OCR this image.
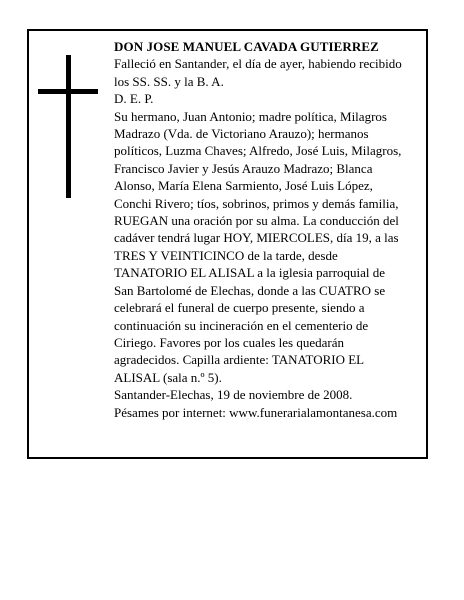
DON JOSE MANUEL CAVADA GUTIERREZ

Falleció en Santander, el día de ayer, habiendo recibido
los SS. SS. y la B. A.
D. E. P.
Su hermano, Juan Antonio; madre política, Milagros
Madrazo (Vda. de Victoriano Arauzo); hermanos
políticos, Luzma Chaves; Alfredo, José Luis, Milagros,
Francisco Javier y Jesús Arauzo Madrazo; Blanca
Alonso, María Elena Sarmiento, José Luis López,
Conchi Rivero; tíos, sobrinos, primos y demás familia,
RUEGAN una oración por su alma. La conducción del
cadáver tendrá lugar HOY, MIERCOLES, día 19, a las
TRES Y VEINTICINCO de la tarde, desde
TANATORIO EL ALISAL a la iglesia parroquial de
San Bartolomé de Elechas, donde a las CUATRO se
celebrará el funeral de cuerpo presente, siendo a
continuación su incineración en el cementerio de
Ciriego. Favores por los cuales les quedarán
agradecidos. Capilla ardiente: TANATORIO EL
ALISAL (sala n.º 5).
Santander-Elechas, 19 de noviembre de 2008.
Pésames por internet: www.funerarialamontanesa.com
